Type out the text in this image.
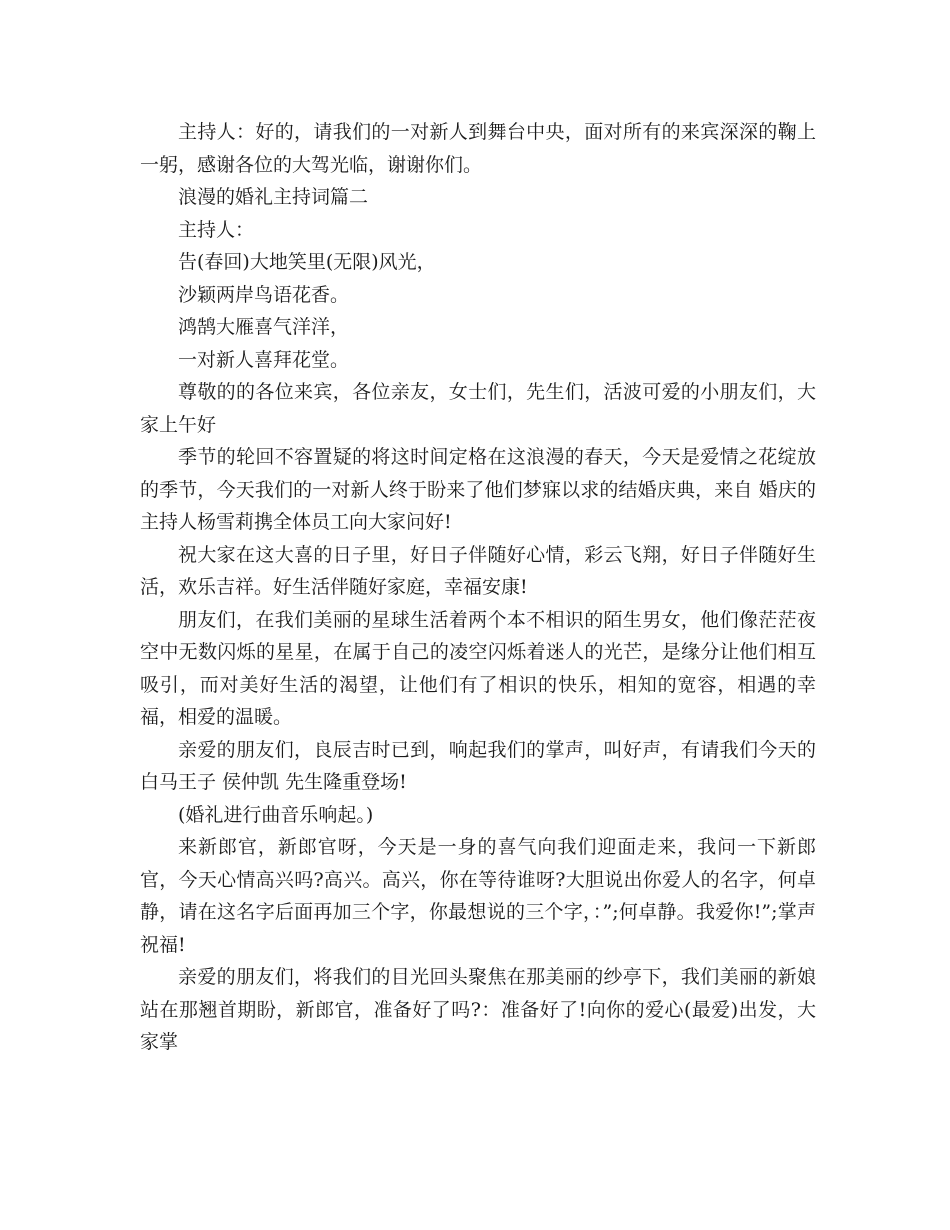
主持人：好的，请我们的一对新人到舞台中央，面对所有的来宾深深的鞠上一躬，感谢各位的大驾光临，谢谢你们。

浪漫的婚礼主持词篇二

主持人：

告(春回)大地笑里(无限)风光，

沙颖两岸鸟语花香。

鸿鹄大雁喜气洋洋，

一对新人喜拜花堂。

尊敬的的各位来宾，各位亲友，女士们，先生们，活波可爱的小朋友们，大家上午好

季节的轮回不容置疑的将这时间定格在这浪漫的春天，今天是爱情之花绽放的季节，今天我们的一对新人终于盼来了他们梦寐以求的结婚庆典，来自 婚庆的主持人杨雪莉携全体员工向大家问好!

祝大家在这大喜的日子里，好日子伴随好心情，彩云飞翔，好日子伴随好生活，欢乐吉祥。好生活伴随好家庭，幸福安康!

朋友们，在我们美丽的星球生活着两个本不相识的陌生男女，他们像茫茫夜空中无数闪烁的星星，在属于自己的凌空闪烁着迷人的光芒，是缘分让他们相互吸引，而对美好生活的渴望，让他们有了相识的快乐，相知的宽容，相遇的幸福，相爱的温暖。

亲爱的朋友们，良辰吉时已到，响起我们的掌声，叫好声，有请我们今天的白马王子 侯仲凯 先生隆重登场!

(婚礼进行曲音乐响起。)

来新郎官，新郎官呀，今天是一身的喜气向我们迎面走来，我问一下新郎官，今天心情高兴吗?高兴。高兴，你在等待谁呀?大胆说出你爱人的名字，何卓静，请在这名字后面再加三个字，你最想说的三个字，：”;何卓静。我爱你!”;掌声祝福!

亲爱的朋友们，将我们的目光回头聚焦在那美丽的纱亭下，我们美丽的新娘站在那翘首期盼，新郎官，准备好了吗?：准备好了!向你的爱心(最爱)出发，大家掌
